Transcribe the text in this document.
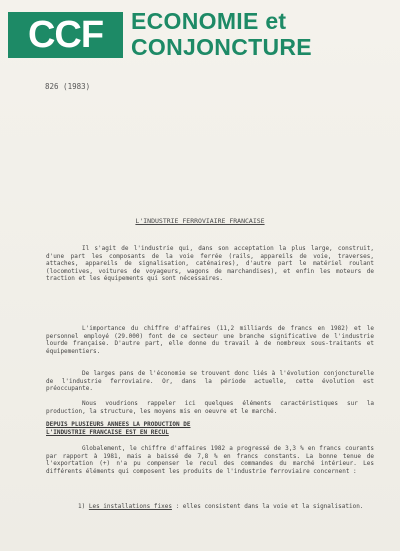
CCF ECONOMIE et
CONJONCTURE
826 (1983)
L'INDUSTRIE FERROVIAIRE FRANCAISE

Il s'agit de l'industrie qui, dans son acceptation la plus large, construit, d'une part les composants de la voie ferrée (rails, appareils de voie, traverses, attaches, appareils de signalisation, caténaires), d'autre part le matériel roulant (locomotives, voitures de voyageurs, wagons de marchandises), et enfin les moteurs de traction et les équipements qui sont nécessaires.

L'importance du chiffre d'affaires (11,2 milliards de francs en 1982) et le personnel employé (29.000) font de ce secteur une branche significative de l'industrie lourde française. D'autre part, elle donne du travail à de nombreux sous-traitants et équipementiers.

De larges pans de l'économie se trouvent donc liés à l'évolution conjoncturelle de l'industrie ferroviaire. Or, dans la période actuelle, cette évolution est préoccupante.

Nous voudrions rappeler ici quelques éléments caractéristiques sur la production, la structure, les moyens mis en oeuvre et le marché.

DEPUIS PLUSIEURS ANNEES LA PRODUCTION DE
L'INDUSTRIE FRANCAISE EST EN RECUL

Globalement, le chiffre d'affaires 1982 a progressé de 3,3 % en francs courants par rapport à 1981, mais a baissé de 7,8 % en francs constants. La bonne tenue de l'exportation (+) n'a pu compenser le recul des commandes du marché intérieur. Les différents éléments qui composent les produits de l'industrie ferroviaire concernent :

1) Les installations fixes : elles consistent dans la voie et la signalisation.
